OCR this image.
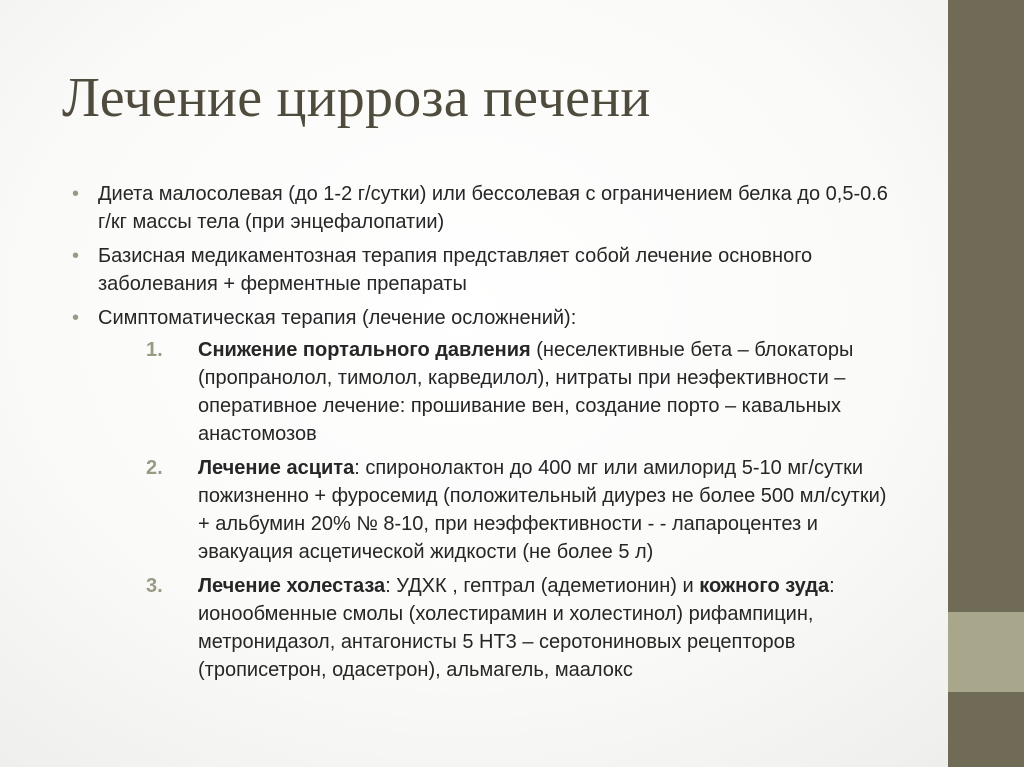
Лечение цирроза печени
• Диета малосолевая (до 1-2 г/сутки) или бессолевая с ограничением белка до 0,5-0.6 г/кг массы тела (при энцефалопатии)
• Базисная медикаментозная терапия представляет собой лечение основного заболевания + ферментные препараты
• Симптоматическая терапия (лечение осложнений):
1. Снижение портального давления (неселективные бета – блокаторы (пропранолол, тимолол, карведилол), нитраты при неэфективности – оперативное лечение: прошивание вен, создание порто – кавальных анастомозов
2. Лечение асцита: спиронолактон до 400 мг или амилорид 5-10 мг/сутки пожизненно + фуросемид (положительный диурез не более 500 мл/сутки) + альбумин 20% № 8-10, при неэффективности - - лапароцентез и эвакуация асцетической жидкости (не более 5 л)
3. Лечение холестаза: УДХК , гептрал (адеметионин) и кожного зуда: ионообменные смолы (холестирамин и холестинол) рифампицин, метронидазол, антагонисты 5 НТ3 – серотониновых рецепторов (трописетрон, одасетрон), альмагель, маалокс
